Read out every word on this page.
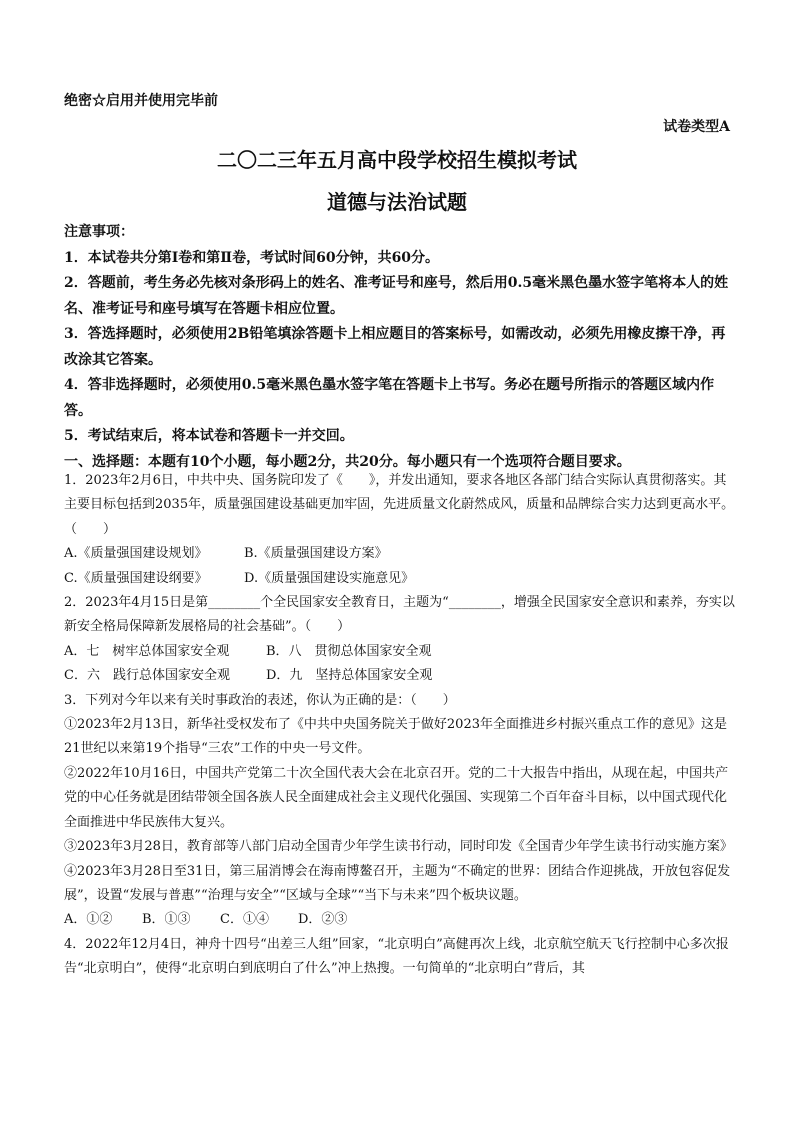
绝密☆启用并使用完毕前
试卷类型A
二〇二三年五月高中段学校招生模拟考试
道德与法治试题

注意事项：

1．本试卷共分第Ⅰ卷和第Ⅱ卷，考试时间60分钟，共60分。

2．答题前，考生务必先核对条形码上的姓名、准考证号和座号，然后用0.5毫米黑色墨水签字笔将本人的姓名、准考证号和座号填写在答题卡相应位置。

3．答选择题时，必须使用2B铅笔填涂答题卡上相应题目的答案标号，如需改动，必须先用橡皮擦干净，再改涂其它答案。

4．答非选择题时，必须使用0.5毫米黑色墨水签字笔在答题卡上书写。务必在题号所指示的答题区域内作答。

5．考试结束后，将本试卷和答题卡一并交回。

一、选择题：本题有10个小题，每小题2分，共20分。每小题只有一个选项符合题目要求。

1．2023年2月6日，中共中央、国务院印发了《　　》，并发出通知，要求各地区各部门结合实际认真贯彻落实。其主要目标包括到2035年，质量强国建设基础更加牢固，先进质量文化蔚然成风，质量和品牌综合实力达到更高水平。（　　）

A.《质量强国建设规划》	B.《质量强国建设方案》
C.《质量强国建设纲要》	D.《质量强国建设实施意见》

2．2023年4月15日是第________个全民国家安全教育日，主题为“________，增强全民国家安全意识和素养，夯实以新安全格局保障新发展格局的社会基础”。（　　）

A．七　树牢总体国家安全观	B．八　贯彻总体国家安全观
C．六　践行总体国家安全观	D．九　坚持总体国家安全观

3．下列对今年以来有关时事政治的表述，你认为正确的是：（　　）

①2023年2月13日，新华社受权发布了《中共中央国务院关于做好2023年全面推进乡村振兴重点工作的意见》这是21世纪以来第19个指导“三农”工作的中央一号文件。

②2022年10月16日，中国共产党第二十次全国代表大会在北京召开。党的二十大报告中指出，从现在起，中国共产党的中心任务就是团结带领全国各族人民全面建成社会主义现代化强国、实现第二个百年奋斗目标，以中国式现代化全面推进中华民族伟大复兴。

③2023年3月28日，教育部等八部门启动全国青少年学生读书行动，同时印发《全国青少年学生读书行动实施方案》

④2023年3月28日至31日，第三届消博会在海南博鳌召开，主题为“不确定的世界：团结合作迎挑战，开放包容促发展”，设置“发展与普惠”“治理与安全”“区域与全球”“当下与未来”四个板块议题。

A．①②	B．①③	C．①④	D．②③

4．2022年12月4日，神舟十四号“出差三人组”回家，“北京明白”高健再次上线，北京航空航天飞行控制中心多次报告“北京明白”，使得“北京明白到底明白了什么”冲上热搜。一句简单的“北京明白”背后，其
